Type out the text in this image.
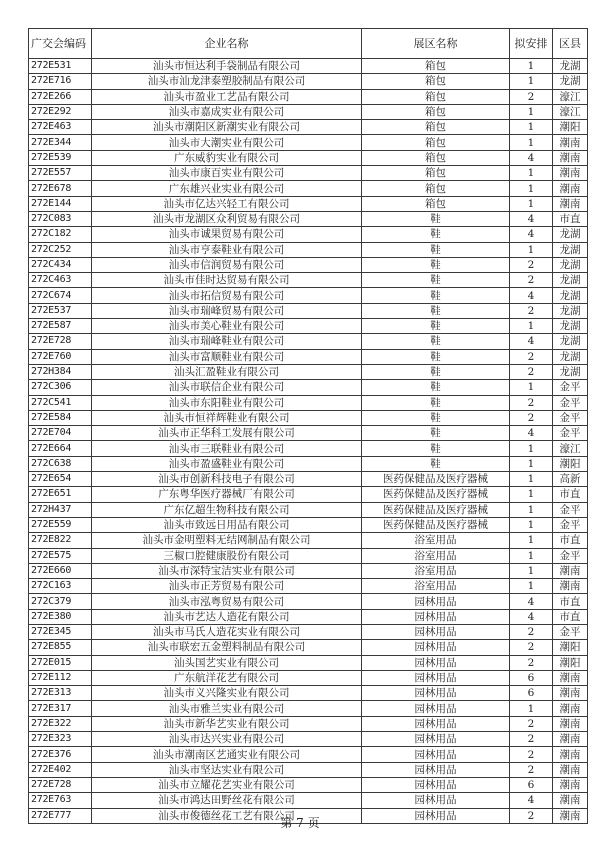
广交会编码	企业名称	展区名称	拟安排	区县
272E531	汕头市恒达利手袋制品有限公司	箱包	1	龙湖
272E716	汕头市汕龙津泰塑胶制品有限公司	箱包	1	龙湖
272E266	汕头市盈业工艺品有限公司	箱包	2	濠江
272E292	汕头市嘉成实业有限公司	箱包	1	濠江
272E463	汕头市潮阳区新潮实业有限公司	箱包	1	潮阳
272E344	汕头市大潮实业有限公司	箱包	1	潮南
272E539	广东威豹实业有限公司	箱包	4	潮南
272E557	汕头市康百实业有限公司	箱包	1	潮南
272E678	广东雄兴业实业有限公司	箱包	1	潮南
272E144	汕头市亿达兴轻工有限公司	箱包	1	潮南
272C083	汕头市龙湖区众利贸易有限公司	鞋	4	市直
272C182	汕头市诚果贸易有限公司	鞋	4	龙湖
272C252	汕头市亨泰鞋业有限公司	鞋	1	龙湖
272C434	汕头市信润贸易有限公司	鞋	2	龙湖
272C463	汕头市佳时达贸易有限公司	鞋	2	龙湖
272C674	汕头市拓信贸易有限公司	鞋	4	龙湖
272E537	汕头市瑞峰贸易有限公司	鞋	2	龙湖
272E587	汕头市美心鞋业有限公司	鞋	1	龙湖
272E728	汕头市瑞峰鞋业有限公司	鞋	4	龙湖
272E760	汕头市富顺鞋业有限公司	鞋	2	龙湖
272H384	汕头汇盈鞋业有限公司	鞋	2	龙湖
272C306	汕头市联信企业有限公司	鞋	1	金平
272C541	汕头市东阳鞋业有限公司	鞋	2	金平
272E584	汕头市恒祥辉鞋业有限公司	鞋	2	金平
272E704	汕头市正华科工发展有限公司	鞋	4	金平
272E664	汕头市三联鞋业有限公司	鞋	1	濠江
272C638	汕头市盈盛鞋业有限公司	鞋	1	潮阳
272E654	汕头市创新科技电子有限公司	医药保健品及医疗器械	1	高新
272E651	广东粤华医疗器械厂有限公司	医药保健品及医疗器械	1	市直
272H437	广东亿超生物科技有限公司	医药保健品及医疗器械	1	金平
272E559	汕头市致远日用品有限公司	医药保健品及医疗器械	1	金平
272E822	汕头市金明塑料无结网制品有限公司	浴室用品	1	市直
272E575	三椒口腔健康股份有限公司	浴室用品	1	金平
272E660	汕头市深特宝洁实业有限公司	浴室用品	1	潮南
272C163	汕头市正芳贸易有限公司	浴室用品	1	潮南
272C379	汕头市泓粤贸易有限公司	园林用品	4	市直
272E380	汕头市艺达人造花有限公司	园林用品	4	市直
272E345	汕头市马氏人造花实业有限公司	园林用品	2	金平
272E855	汕头市联宏五金塑料制品有限公司	园林用品	2	潮阳
272E015	汕头国艺实业有限公司	园林用品	2	潮阳
272E112	广东航洋花艺有限公司	园林用品	6	潮南
272E313	汕头市义兴隆实业有限公司	园林用品	6	潮南
272E317	汕头市雅兰实业有限公司	园林用品	1	潮南
272E322	汕头市新华艺实业有限公司	园林用品	2	潮南
272E323	汕头市达兴实业有限公司	园林用品	2	潮南
272E376	汕头市潮南区艺通实业有限公司	园林用品	2	潮南
272E402	汕头市坚达实业有限公司	园林用品	2	潮南
272E728	汕头市立耀花艺实业有限公司	园林用品	6	潮南
272E763	汕头市鸿达田野丝花有限公司	园林用品	4	潮南
272E777	汕头市俊德丝花工艺有限公司	园林用品	2	潮南
第 7 页
